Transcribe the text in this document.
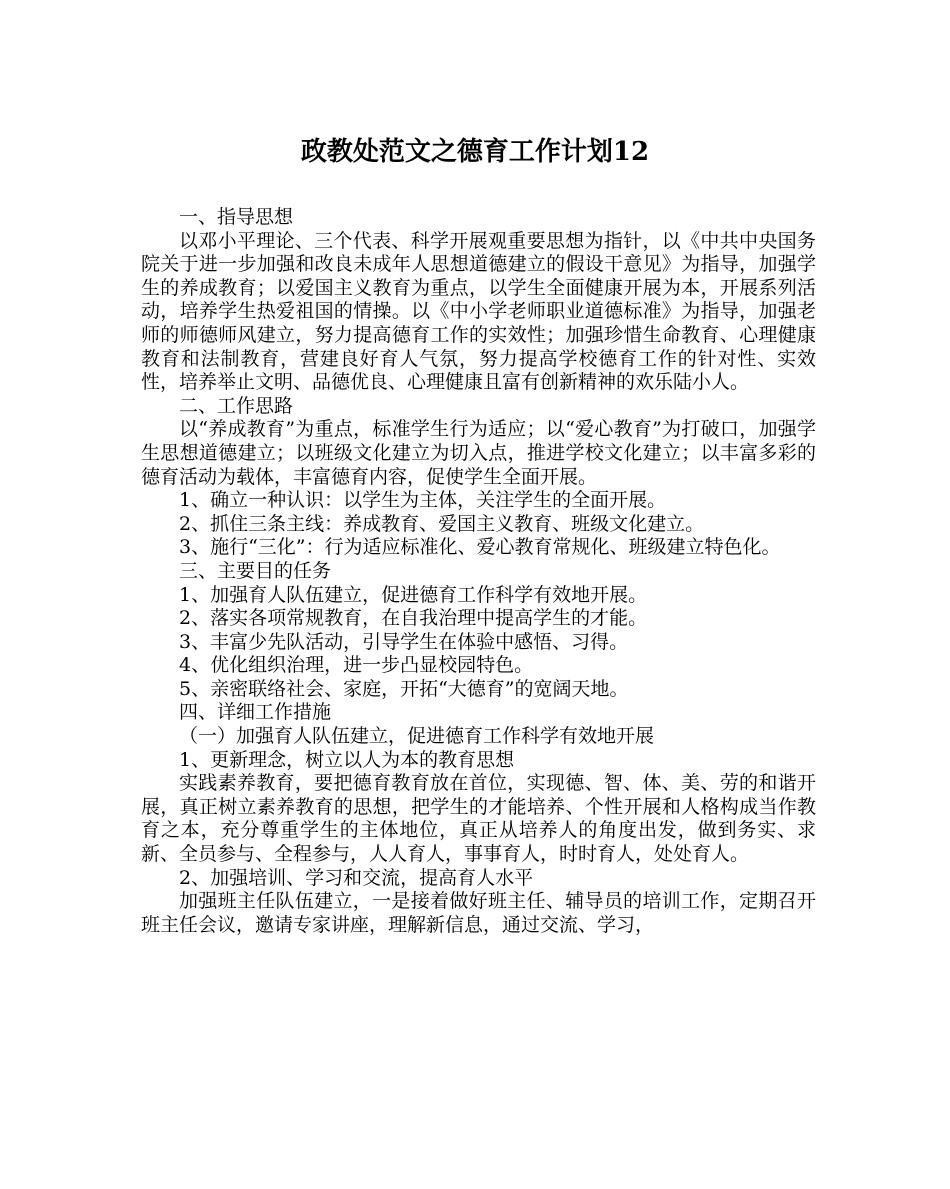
政教处范文之德育工作计划12

一、指导思想

以邓小平理论、三个代表、科学开展观重要思想为指针，以《中共中央国务院关于进一步加强和改良未成年人思想道德建立的假设干意见》为指导，加强学生的养成教育；以爱国主义教育为重点，以学生全面健康开展为本，开展系列活动，培养学生热爱祖国的情操。以《中小学老师职业道德标准》为指导，加强老师的师德师风建立，努力提高德育工作的实效性；加强珍惜生命教育、心理健康教育和法制教育，营建良好育人气氛，努力提高学校德育工作的针对性、实效性，培养举止文明、品德优良、心理健康且富有创新精神的欢乐陆小人。

二、工作思路

以“养成教育”为重点，标准学生行为适应；以“爱心教育”为打破口，加强学生思想道德建立；以班级文化建立为切入点，推进学校文化建立；以丰富多彩的德育活动为载体，丰富德育内容，促使学生全面开展。

1、确立一种认识：以学生为主体，关注学生的全面开展。

2、抓住三条主线：养成教育、爱国主义教育、班级文化建立。

3、施行“三化”：行为适应标准化、爱心教育常规化、班级建立特色化。

三、主要目的任务

1、加强育人队伍建立，促进德育工作科学有效地开展。

2、落实各项常规教育，在自我治理中提高学生的才能。

3、丰富少先队活动，引导学生在体验中感悟、习得。

4、优化组织治理，进一步凸显校园特色。

5、亲密联络社会、家庭，开拓“大德育”的宽阔天地。

四、详细工作措施

（一）加强育人队伍建立，促进德育工作科学有效地开展

1、更新理念，树立以人为本的教育思想

实践素养教育，要把德育教育放在首位，实现德、智、体、美、劳的和谐开展，真正树立素养教育的思想，把学生的才能培养、个性开展和人格构成当作教育之本，充分尊重学生的主体地位，真正从培养人的角度出发，做到务实、求新、全员参与、全程参与，人人育人，事事育人，时时育人，处处育人。

2、加强培训、学习和交流，提高育人水平

加强班主任队伍建立，一是接着做好班主任、辅导员的培训工作，定期召开班主任会议，邀请专家讲座，理解新信息，通过交流、学习，
